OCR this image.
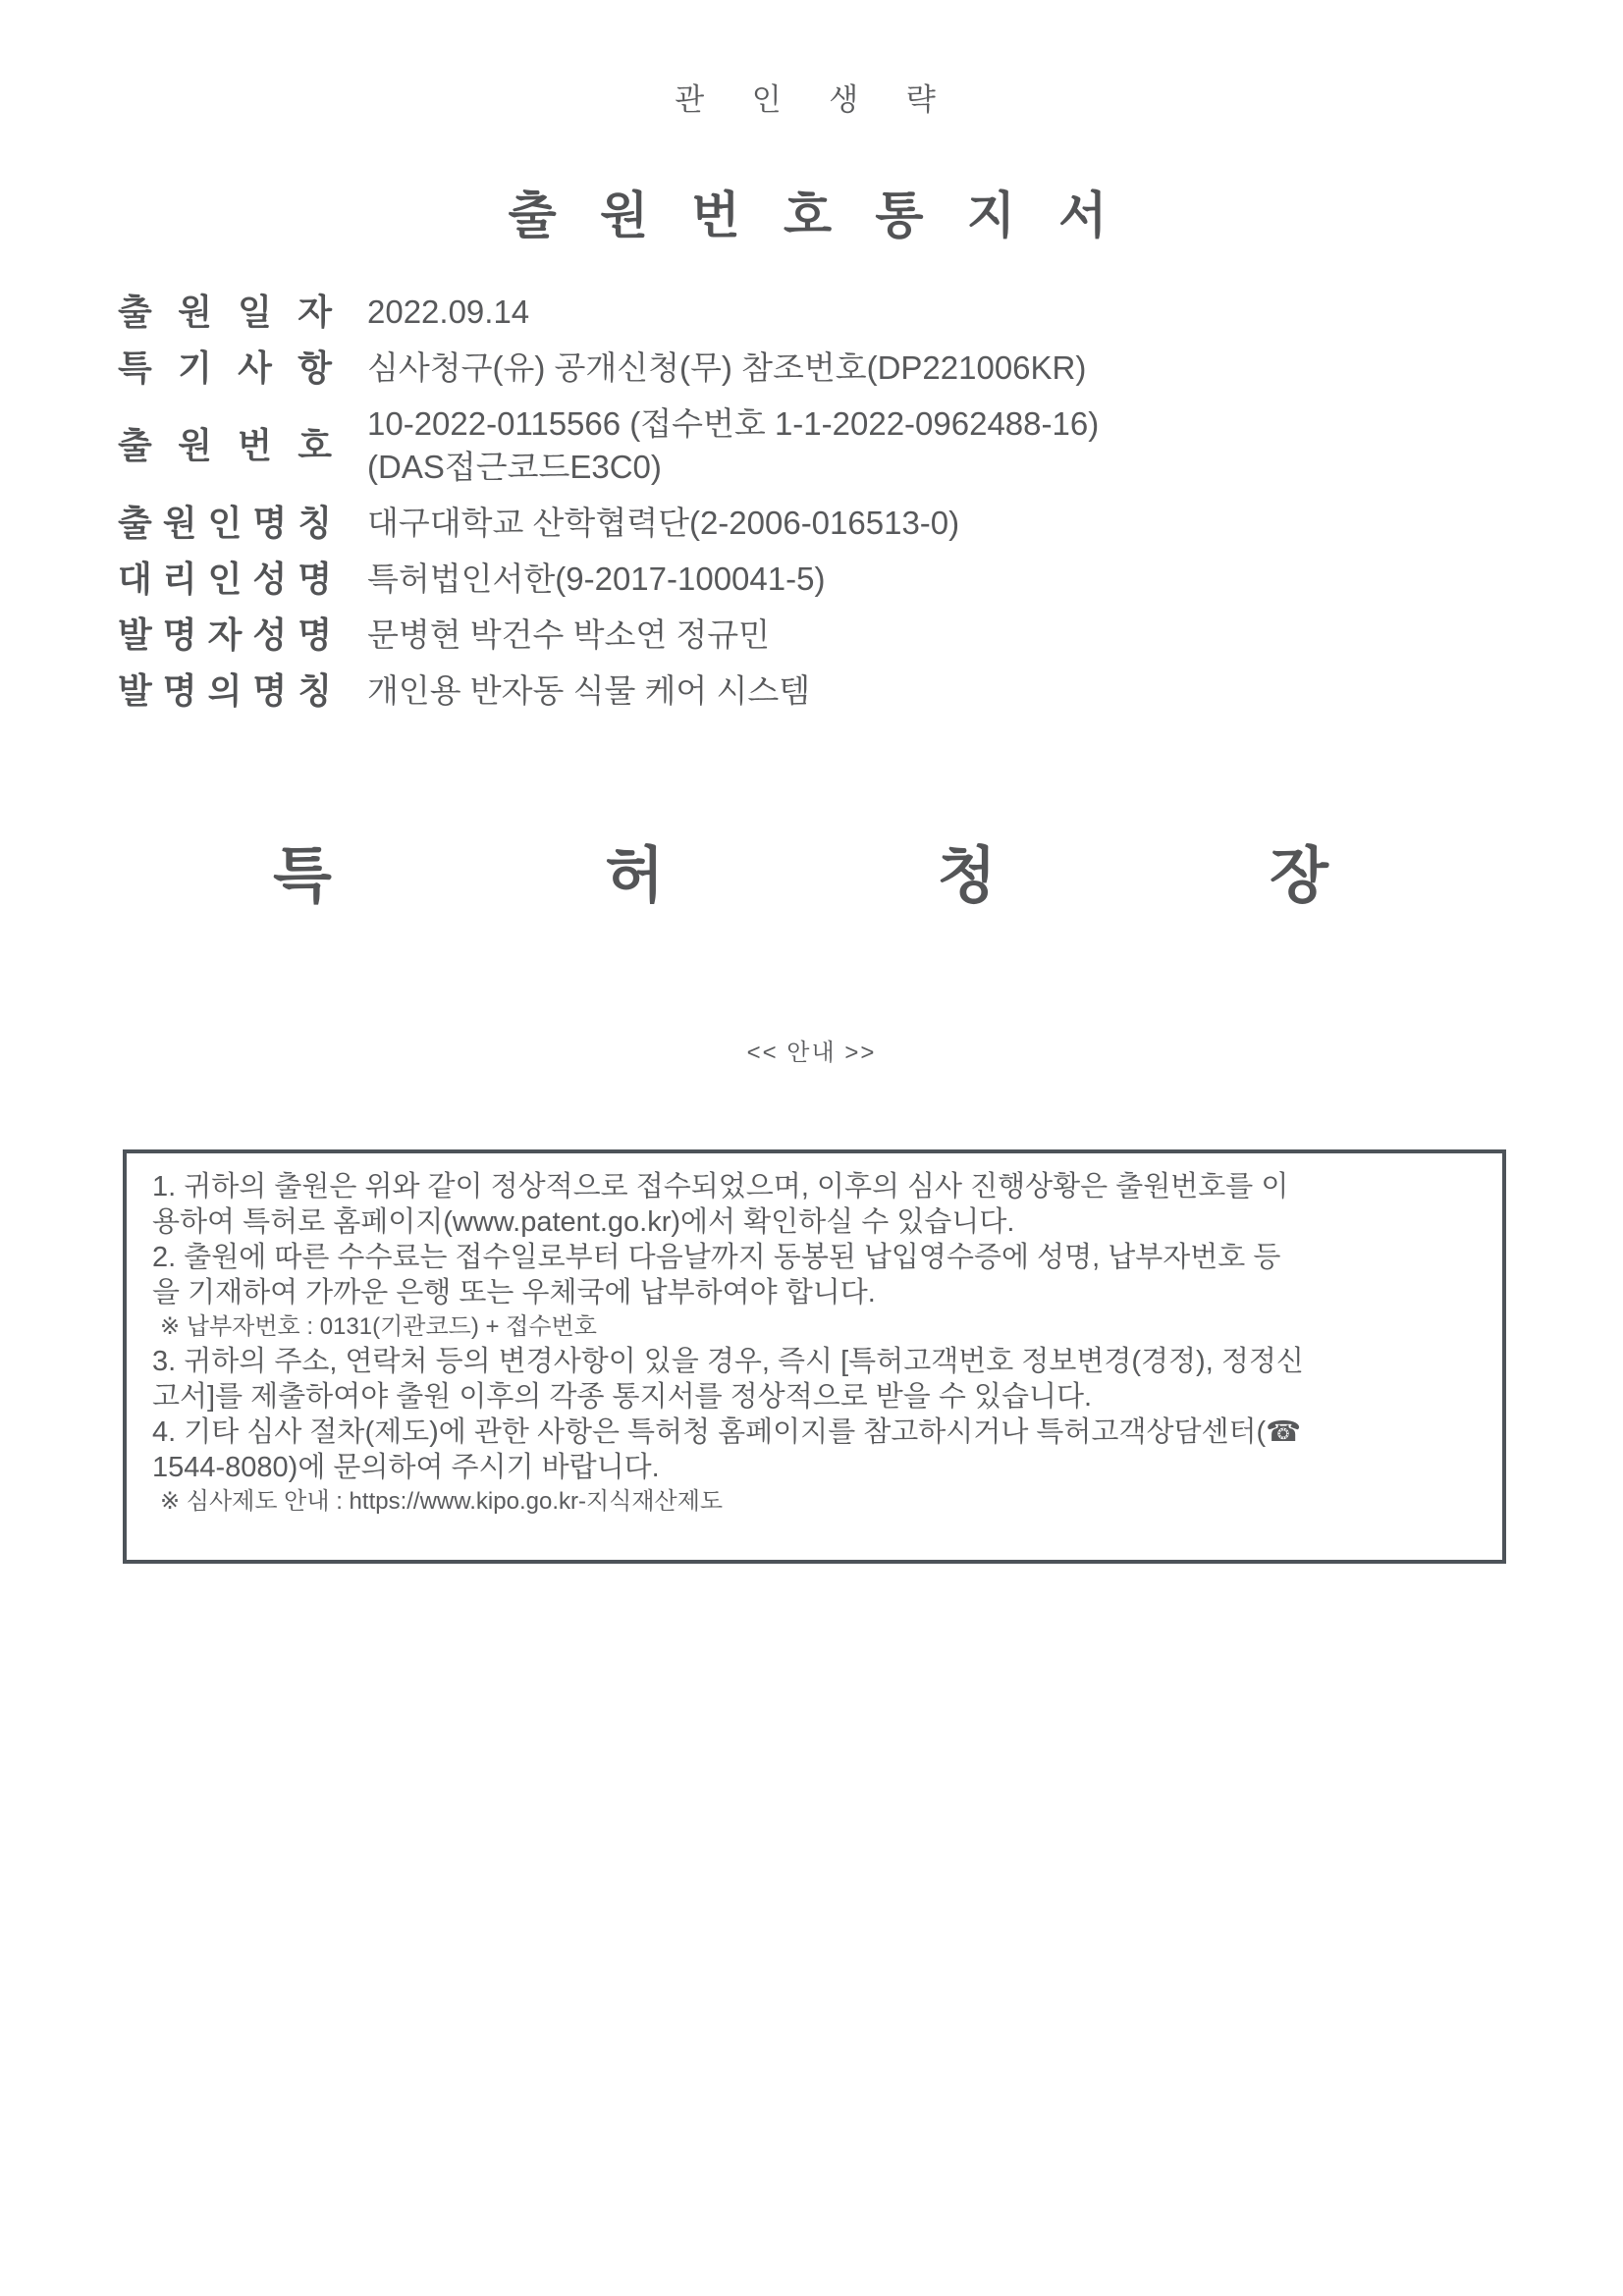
관 인 생 략
출 원 번 호 통 지 서
출 원 일 자 2022.09.14
특 기 사 항 심사청구(유) 공개신청(무) 참조번호(DP221006KR)
출 원 번 호
10-2022-0115566 (접수번호 1-1-2022-0962488-16)
(DAS접근코드E3C0)
출 원 인 명 칭 대구대학교 산학협력단(2-2006-016513-0)
대 리 인 성 명 특허법인서한(9-2017-100041-5)
발 명 자 성 명 문병현 박건수 박소연 정규민
발 명 의 명 칭 개인용 반자동 식물 케어 시스템
특	허	청	장
<< 안내 >>
1. 귀하의 출원은 위와 같이 정상적으로 접수되었으며, 이후의 심사 진행상황은 출원번호를 이
용하여 특허로 홈페이지(www.patent.go.kr)에서 확인하실 수 있습니다.
2. 출원에 따른 수수료는 접수일로부터 다음날까지 동봉된 납입영수증에 성명, 납부자번호 등
을 기재하여 가까운 은행 또는 우체국에 납부하여야 합니다.
※ 납부자번호 : 0131(기관코드) + 접수번호
3. 귀하의 주소, 연락처 등의 변경사항이 있을 경우, 즉시 [특허고객번호 정보변경(경정), 정정신
고서]를 제출하여야 출원 이후의 각종 통지서를 정상적으로 받을 수 있습니다.
4. 기타 심사 절차(제도)에 관한 사항은 특허청 홈페이지를 참고하시거나 특허고객상담센터(☎
1544-8080)에 문의하여 주시기 바랍니다.
※ 심사제도 안내 : https://www.kipo.go.kr-지식재산제도
